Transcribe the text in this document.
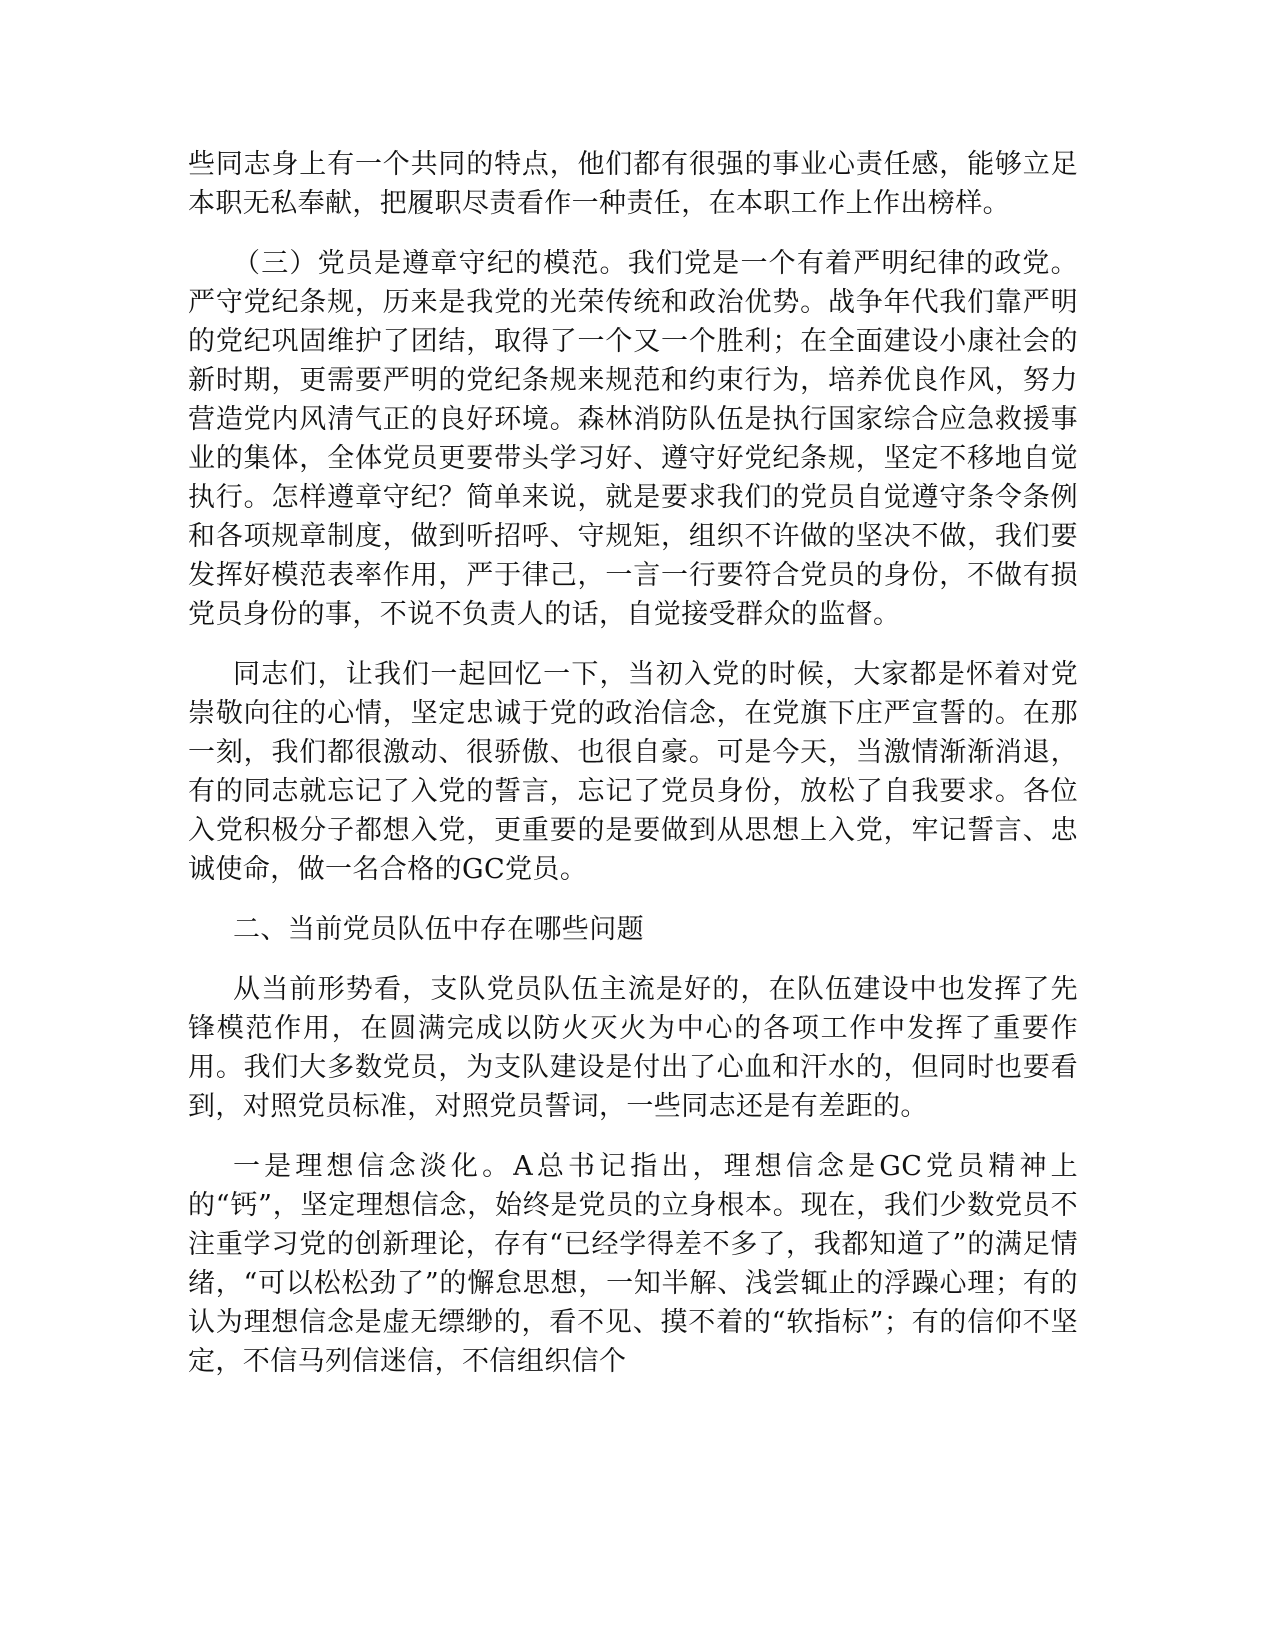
些同志身上有一个共同的特点，他们都有很强的事业心责任感，能够立足本职无私奉献，把履职尽责看作一种责任，在本职工作上作出榜样。

（三）党员是遵章守纪的模范。我们党是一个有着严明纪律的政党。严守党纪条规，历来是我党的光荣传统和政治优势。战争年代我们靠严明的党纪巩固维护了团结，取得了一个又一个胜利；在全面建设小康社会的新时期，更需要严明的党纪条规来规范和约束行为，培养优良作风，努力营造党内风清气正的良好环境。森林消防队伍是执行国家综合应急救援事业的集体，全体党员更要带头学习好、遵守好党纪条规，坚定不移地自觉执行。怎样遵章守纪？简单来说，就是要求我们的党员自觉遵守条令条例和各项规章制度，做到听招呼、守规矩，组织不许做的坚决不做，我们要发挥好模范表率作用，严于律己，一言一行要符合党员的身份，不做有损党员身份的事，不说不负责人的话，自觉接受群众的监督。

同志们，让我们一起回忆一下，当初入党的时候，大家都是怀着对党崇敬向往的心情，坚定忠诚于党的政治信念，在党旗下庄严宣誓的。在那一刻，我们都很激动、很骄傲、也很自豪。可是今天，当激情渐渐消退，有的同志就忘记了入党的誓言，忘记了党员身份，放松了自我要求。各位入党积极分子都想入党，更重要的是要做到从思想上入党，牢记誓言、忠诚使命，做一名合格的GC党员。

二、当前党员队伍中存在哪些问题

从当前形势看，支队党员队伍主流是好的，在队伍建设中也发挥了先锋模范作用，在圆满完成以防火灭火为中心的各项工作中发挥了重要作用。我们大多数党员，为支队建设是付出了心血和汗水的，但同时也要看到，对照党员标准，对照党员誓词，一些同志还是有差距的。

一是理想信念淡化。A总书记指出，理想信念是GC党员精神上的“钙”，坚定理想信念，始终是党员的立身根本。现在，我们少数党员不注重学习党的创新理论，存有“已经学得差不多了，我都知道了”的满足情绪，“可以松松劲了”的懈怠思想，一知半解、浅尝辄止的浮躁心理；有的认为理想信念是虚无缥缈的，看不见、摸不着的“软指标”；有的信仰不坚定，不信马列信迷信，不信组织信个
